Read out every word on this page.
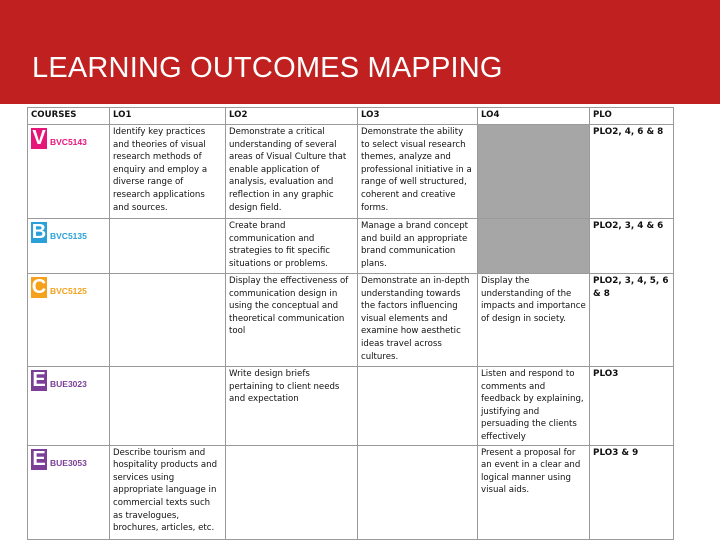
LEARNING OUTCOMES MAPPING
COURSES	LO1	LO2	LO3	LO4	PLO

V BVC5143	Identify key practices and theories of visual research methods of enquiry and employ a diverse range of research applications and sources.	Demonstrate a critical understanding of several areas of Visual Culture that enable application of analysis, evaluation and reflection in any graphic design field.	Demonstrate the ability to select visual research themes, analyze and professional initiative in a range of well structured, coherent and creative forms.		PLO2, 4, 6 & 8

B BVC5135		Create brand communication and strategies to fit specific situations or problems.	Manage a brand concept and build an appropriate brand communication plans.		PLO2, 3, 4 & 6

C BVC5125		Display the effectiveness of communication design in using the conceptual and theoretical communication tool	Demonstrate an in-depth understanding towards the factors influencing visual elements and examine how aesthetic ideas travel across cultures.	Display the understanding of the impacts and importance of design in society.	PLO2, 3, 4, 5, 6 & 8

E BUE3023		Write design briefs pertaining to client needs and expectation		Listen and respond to comments and feedback by explaining, justifying and persuading the clients effectively	PLO3

E BUE3053	Describe tourism and hospitality products and services using appropriate language in commercial texts such as travelogues, brochures, articles, etc.			Present a proposal for an event in a clear and logical manner using visual aids.	PLO3 & 9
